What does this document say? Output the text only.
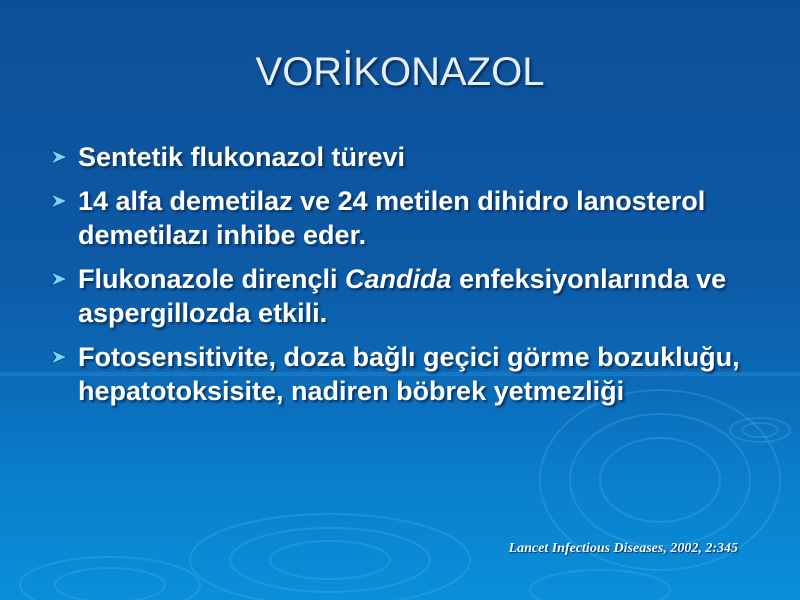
VORİKONAZOL
Sentetik flukonazol türevi
14 alfa demetilaz ve 24 metilen dihidro lanosterol demetilazı inhibe eder.
Flukonazole dirençli Candida enfeksiyonlarında ve aspergillozda etkili.
Fotosensitivite, doza bağlı geçici görme bozukluğu, hepatotoksisite, nadiren böbrek yetmezliği
Lancet Infectious Diseases, 2002, 2:345
